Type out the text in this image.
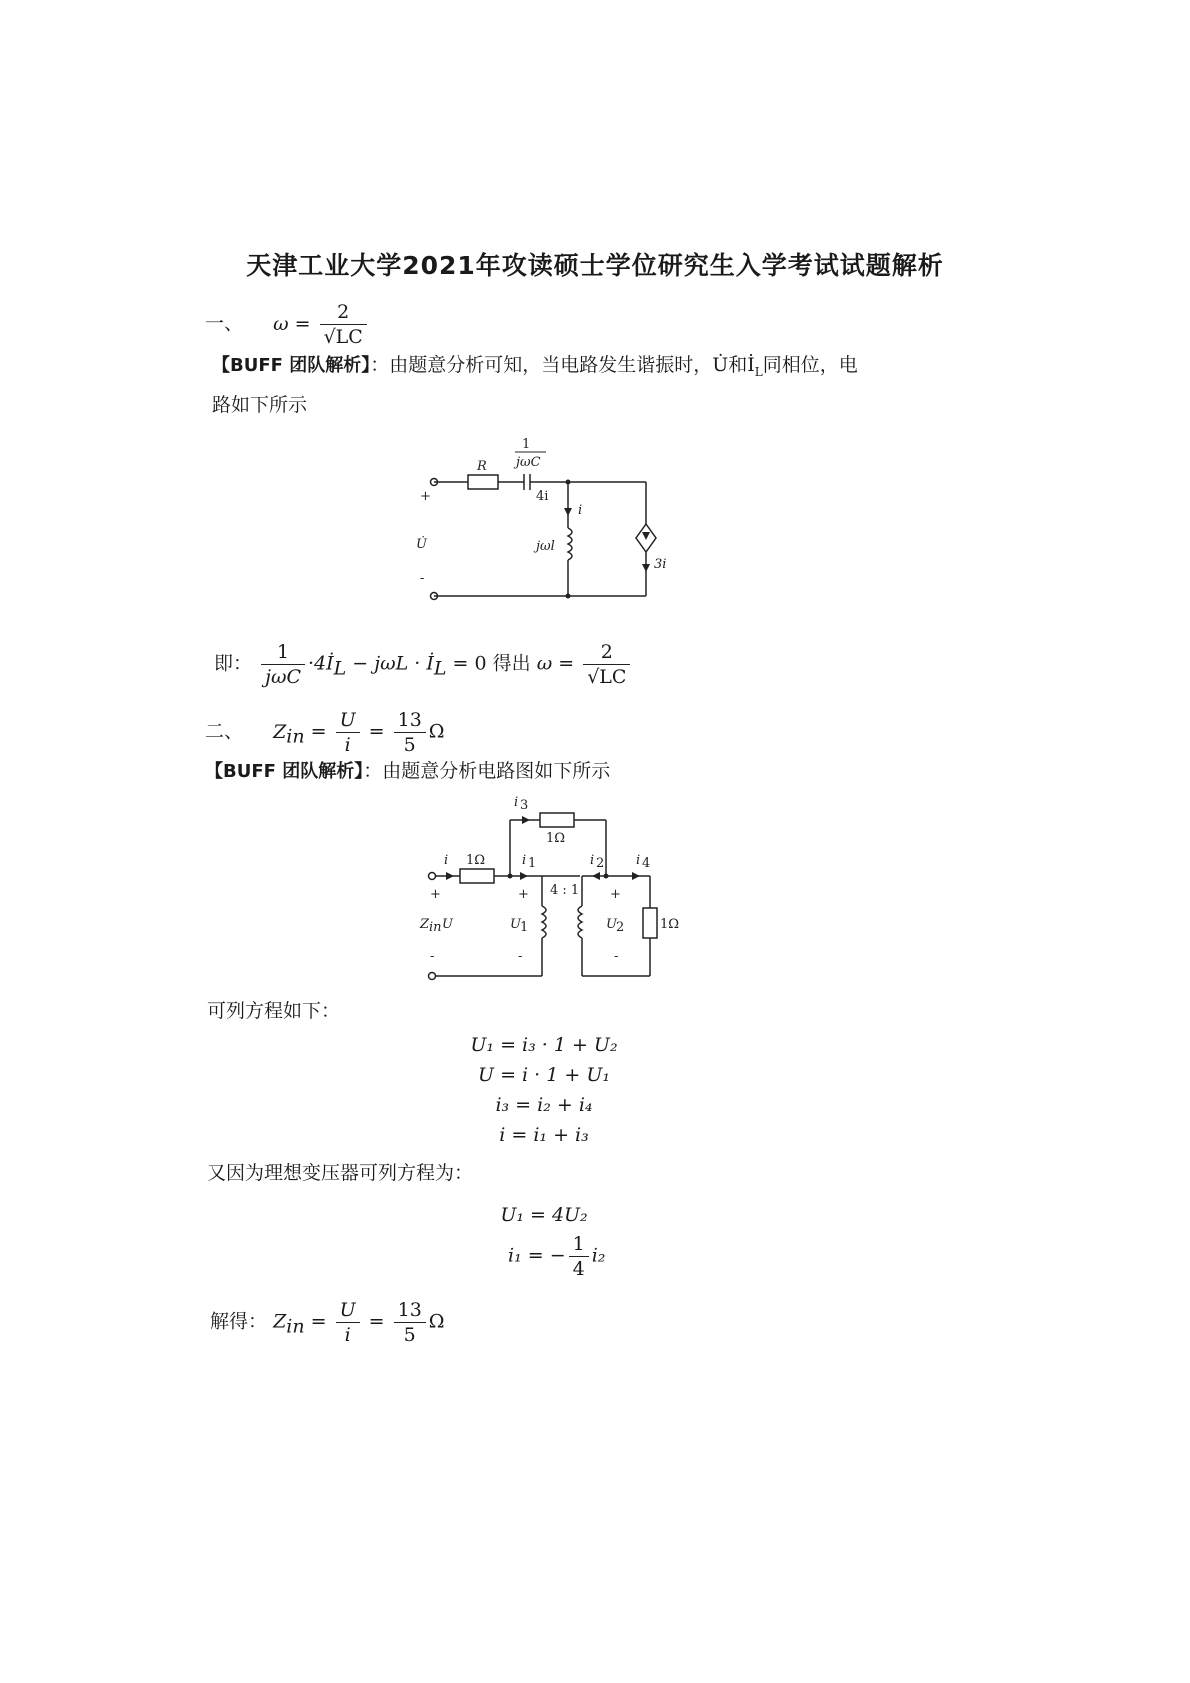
天津工业大学2021年攻读硕士学位研究生入学考试试题解析
一、 $\omega = \frac{2}{√LC}$
【BUFF 团队解析】：由题意分析可知，当电路发生谐振时，U̇和$İ_L$同相位，电
路如下所示
R
1
jωC
4i
i
jωl
+
U̇
-
3i
即： $\frac{1}{\text{jωC}}$ $\cdot 4İ_L - j\omega L$ · $İ_L = 0$ 得出 $\omega = \frac{2}{√LC}$
二、 $Z_{in} = \frac{U}{i} = \frac{13}{5}$ Ω
【BUFF 团队解析】：由题意分析电路图如下所示
i 3
1Ω
i 1Ω	i 1	i 2 i 4
4 : 1
+	+	+
Z in U	U 1	U 2	1Ω
-	-	-
可列方程如下：
U₁ = i₃ · 1 + U₂
U = i · 1 + U₁
i₃ = i₂ + i₄
i = i₁ + i₃
又因为理想变压器可列方程为：
U₁ = 4U₂
i₁ = − $\frac{1}{4} i_2$
解得： $Z_{in} = \frac{U}{i} = \frac{13}{5}$ Ω
